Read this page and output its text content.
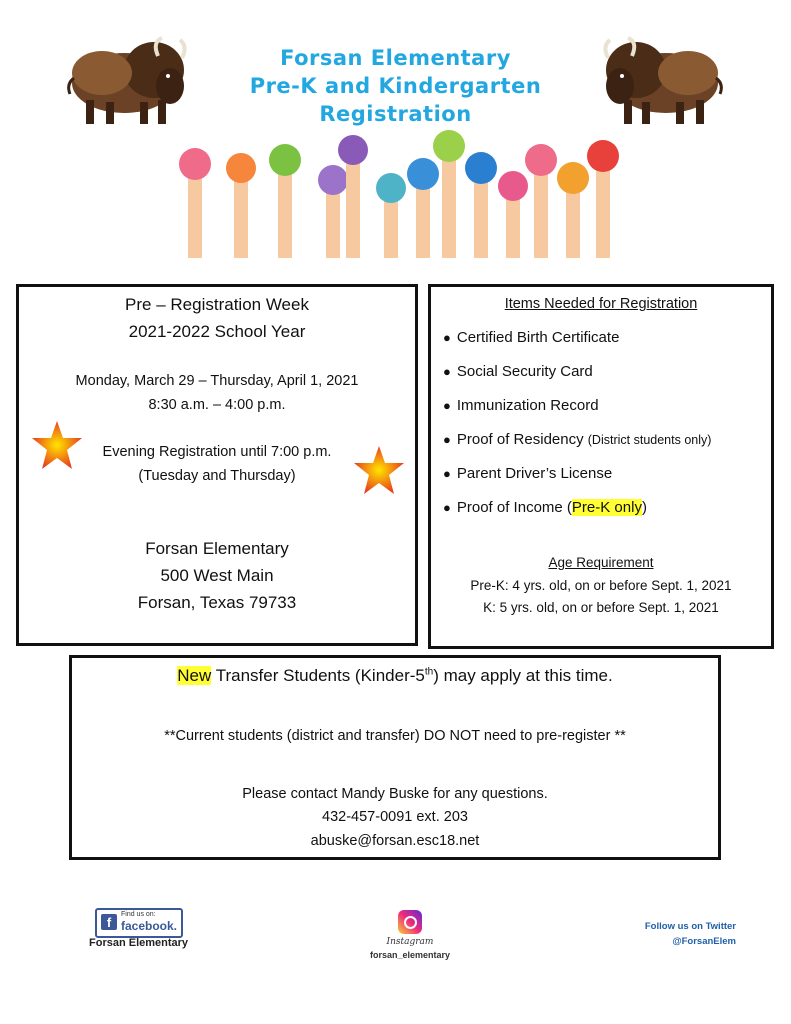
Forsan Elementary
Pre-K and Kindergarten
Registration
Pre – Registration Week
2021-2022 School Year
Monday, March 29 – Thursday, April 1, 2021
8:30 a.m. – 4:00 p.m.
Evening Registration until 7:00 p.m.
(Tuesday and Thursday)
Forsan Elementary
500 West Main
Forsan, Texas 79733
Items Needed for Registration
● Certified Birth Certificate
● Social Security Card
● Immunization Record
● Proof of Residency (District students only)
● Parent Driver’s License
● Proof of Income (Pre-K only)
Age Requirement
Pre-K: 4 yrs. old, on or before Sept. 1, 2021
K: 5 yrs. old, on or before Sept. 1, 2021
New Transfer Students (Kinder-5th) may apply at this time.
**Current students (district and transfer) DO NOT need to pre-register **
Please contact Mandy Buske for any questions.
432-457-0091 ext. 203
abuske@forsan.esc18.net
f
Find us on:
facebook.
Forsan Elementary	Instagram
forsan_elementary
Follow us on Twitter
@ForsanElem
